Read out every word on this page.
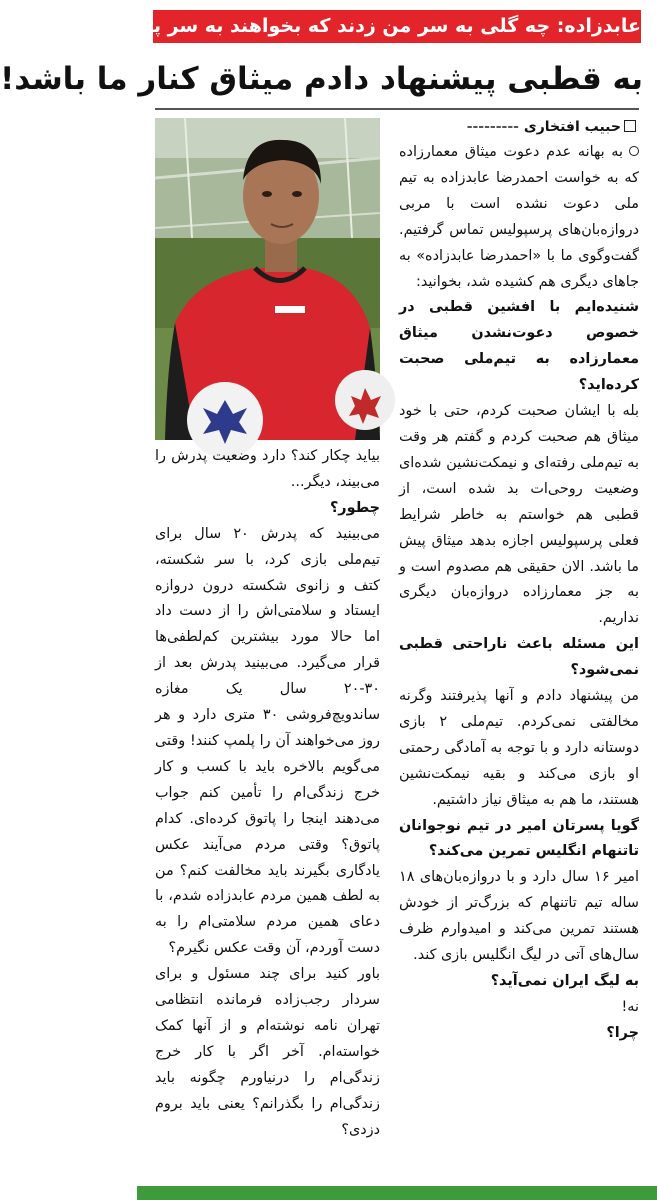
عابدزاده: چه گلی به سر من زدند که بخواهند به سر پسرم بزنند
به قطبی پیشنهاد دادم میثاق کنار ما باشد!
حبیب افتخاری ---------

به بهانه عدم دعوت میثاق معمارزاده که به خواست احمدرضا عابدزاده به تیم ملی دعوت نشده است با مربی دروازه‌بان‌های پرسپولیس تماس گرفتیم. گفت‌وگوی ما با «احمدرضا عابدزاده» به جاهای دیگری هم کشیده شد، بخوانید:

شنیده‌ایم با افشین قطبی در خصوص دعوت‌نشدن میثاق معمارزاده به تیم‌ملی صحبت کرده‌اید؟

بله با ایشان صحبت کردم، حتی با خود میثاق هم صحبت کردم و گفتم هر وقت به تیم‌ملی رفته‌ای و نیمکت‌نشین شده‌ای وضعیت روحی‌ات بد شده است، از قطبی هم خواستم به خاطر شرایط فعلی پرسپولیس اجازه بدهد میثاق پیش ما باشد. الان حقیقی هم مصدوم است و به جز معمارزاده دروازه‌بان دیگری نداریم.

این مسئله باعث ناراحتی قطبی نمی‌شود؟

من پیشنهاد دادم و آنها پذیرفتند وگرنه مخالفتی نمی‌کردم. تیم‌ملی ۲ بازی دوستانه دارد و با توجه به آمادگی رحمتی او بازی می‌کند و بقیه نیمکت‌نشین هستند، ما هم به میثاق نیاز داشتیم.

گویا پسرتان امیر در تیم نوجوانان تاتنهام انگلیس تمرین می‌کند؟

امیر ۱۶ سال دارد و با دروازه‌بان‌های ۱۸ ساله تیم تاتنهام که بزرگ‌تر از خودش هستند تمرین می‌کند و امیدوارم ظرف سال‌های آتی در لیگ انگلیس بازی کند.

به لیگ ایران نمی‌آید؟

نه!

چرا؟

بیاید چکار کند؟ دارد وضعیت پدرش را می‌بیند، دیگر...

چطور؟

می‌بینید که پدرش ۲۰ سال برای تیم‌ملی بازی کرد، با سر شکسته، کتف و زانوی شکسته درون دروازه ایستاد و سلامتی‌اش را از دست داد اما حالا مورد بیشترین کم‌لطفی‌ها قرار می‌گیرد. می‌بینید پدرش بعد از ۳۰-۲۰ سال یک مغازه ساندویچ‌فروشی ۳۰ متری دارد و هر روز می‌خواهند آن را پلمپ کنند! وقتی می‌گویم بالاخره باید با کسب و کار خرج زندگی‌ام را تأمین کنم جواب می‌دهند اینجا را پاتوق کرده‌ای. کدام پاتوق؟ وقتی مردم می‌آیند عکس یادگاری بگیرند باید مخالفت کنم؟ من به لطف همین مردم عابدزاده شدم، با دعای همین مردم سلامتی‌ام را به دست آوردم، آن وقت عکس نگیرم؟

باور کنید برای چند مسئول و برای سردار رجب‌زاده فرمانده انتظامی تهران نامه نوشته‌ام و از آنها کمک خواسته‌ام. آخر اگر با کار خرج زندگی‌ام را درنیاورم چگونه باید زندگی‌ام را بگذرانم؟ یعنی باید بروم دزدی؟
